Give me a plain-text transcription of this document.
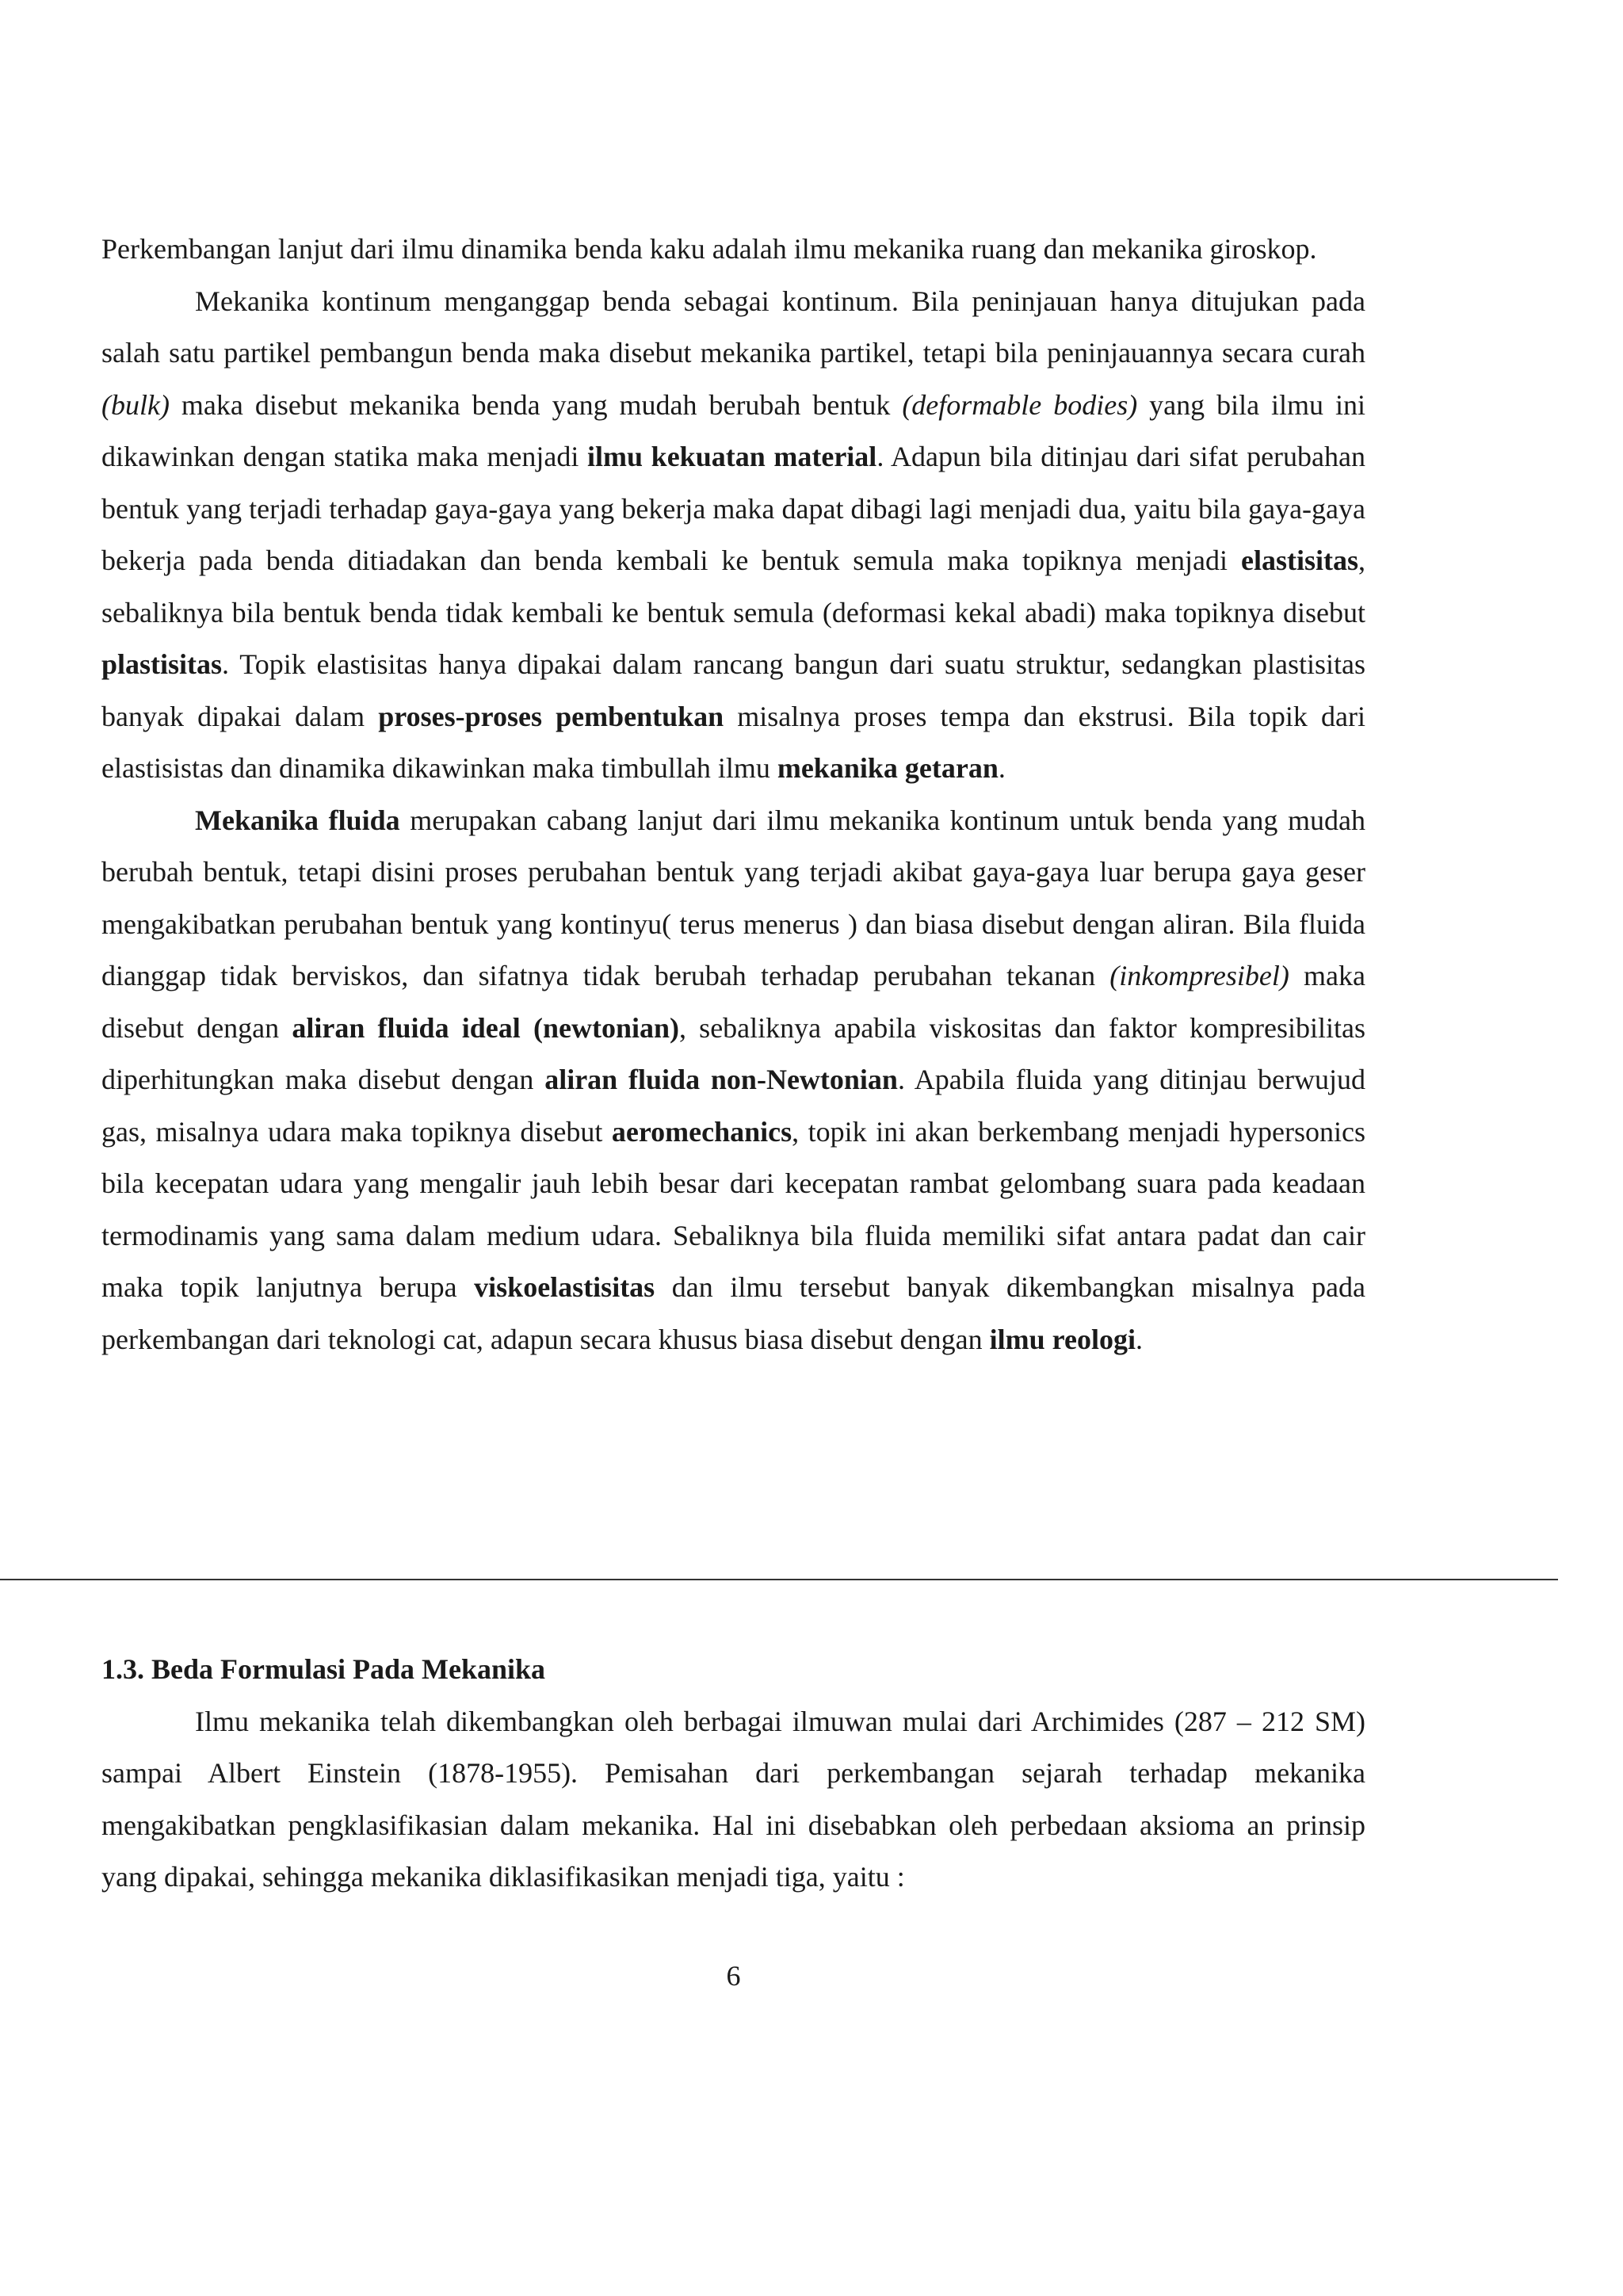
Perkembangan lanjut dari ilmu dinamika benda kaku adalah ilmu mekanika ruang dan mekanika giroskop.

Mekanika kontinum menganggap benda sebagai kontinum. Bila peninjauan hanya ditujukan pada salah satu partikel pembangun benda maka disebut mekanika partikel, tetapi bila peninjauannya secara curah (bulk) maka disebut mekanika benda yang mudah berubah bentuk (deformable bodies) yang bila ilmu ini dikawinkan dengan statika maka menjadi ilmu kekuatan material. Adapun bila ditinjau dari sifat perubahan bentuk yang terjadi terhadap gaya-gaya yang bekerja maka dapat dibagi lagi menjadi dua, yaitu bila gaya-gaya bekerja pada benda ditiadakan dan benda kembali ke bentuk semula maka topiknya menjadi elastisitas, sebaliknya bila bentuk benda tidak kembali ke bentuk semula (deformasi kekal abadi) maka topiknya disebut plastisitas. Topik elastisitas hanya dipakai dalam rancang bangun dari suatu struktur, sedangkan plastisitas banyak dipakai dalam proses-proses pembentukan misalnya proses tempa dan ekstrusi. Bila topik dari elastisistas dan dinamika dikawinkan maka timbullah ilmu mekanika getaran.

Mekanika fluida merupakan cabang lanjut dari ilmu mekanika kontinum untuk benda yang mudah berubah bentuk, tetapi disini proses perubahan bentuk yang terjadi akibat gaya-gaya luar berupa gaya geser mengakibatkan perubahan bentuk yang kontinyu( terus menerus ) dan biasa disebut dengan aliran. Bila fluida dianggap tidak berviskos, dan sifatnya tidak berubah terhadap perubahan tekanan (inkompresibel) maka disebut dengan aliran fluida ideal (newtonian), sebaliknya apabila viskositas dan faktor kompresibilitas diperhitungkan maka disebut dengan aliran fluida non-Newtonian. Apabila fluida yang ditinjau berwujud gas, misalnya udara maka topiknya disebut aeromechanics, topik ini akan berkembang menjadi hypersonics bila kecepatan udara yang mengalir jauh lebih besar dari kecepatan rambat gelombang suara pada keadaan termodinamis yang sama dalam medium udara. Sebaliknya bila fluida memiliki sifat antara padat dan cair maka topik lanjutnya berupa viskoelastisitas dan ilmu tersebut banyak dikembangkan misalnya pada perkembangan dari teknologi cat, adapun secara khusus biasa disebut dengan ilmu reologi.

1.3. Beda Formulasi Pada Mekanika

Ilmu mekanika telah dikembangkan oleh berbagai ilmuwan mulai dari Archimides (287 – 212 SM) sampai Albert Einstein (1878-1955). Pemisahan dari perkembangan sejarah terhadap mekanika mengakibatkan pengklasifikasian dalam mekanika. Hal ini disebabkan oleh perbedaan aksioma an prinsip yang dipakai, sehingga mekanika diklasifikasikan menjadi tiga, yaitu :

6
